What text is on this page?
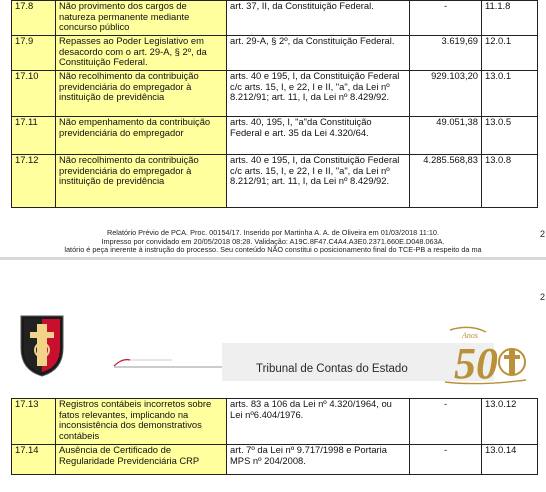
17.8	Não provimento dos cargos de natureza permanente mediante concurso público	art. 37, II, da Constituição Federal.	-	11.1.8
17.9	Repasses ao Poder Legislativo em desacordo com o art. 29-A, § 2º, da Constituição Federal.	art. 29-A, § 2º, da Constituição Federal.	3.619,69	12.0.1
17.10	Não recolhimento da contribuição previdenciária do empregador à instituição de previdência	arts. 40 e 195, I, da Constituição Federal c/c arts. 15, I, e 22, I e II, "a", da Lei nº 8.212/91; art. 11, I, da Lei nº 8.429/92.	929.103,20	13.0.1
17.11	Não empenhamento da contribuição previdenciária do empregador	arts. 40, 195, I, "a"da Constituição Federal e art. 35 da Lei 4.320/64.	49.051,38	13.0.5
17.12	Não recolhimento da contribuição previdenciária do empregador à instituição de previdência	arts. 40 e 195, I, da Constituição Federal c/c arts. 15, I, e 22, I e II, "a", da Lei nº 8.212/91; art. 11, I, da Lei nº 8.429/92.	4.285.568,83	13.0.8
Relatório Prévio de PCA. Proc. 00154/17. Inserido por Martinha A. A. de Oliveira em 01/03/2018 11:10.
Impresso por convidado em 20/05/2018 08:28. Validação: A19C.8F47.C4A4.A3E0.2371.660E.D048.063A.
latório é peça inerente à instrução do processo. Seu conteúdo NÃO constitui o posicionamento final do TCE-PB a respeito da ma
2
2
Tribunal de Contas do Estado
Anos
50
17.13	Registros contábeis incorretos sobre fatos relevantes, implicando na inconsistência dos demonstrativos contábeis	arts. 83 a 106 da Lei nº 4.320/1964, ou Lei nº6.404/1976.	-	13.0.12
17.14	Ausência de Certificado de Regularidade Previdenciária CRP	art. 7º da Lei nº 9.717/1998 e Portaria MPS nº 204/2008.	-	13.0.14
